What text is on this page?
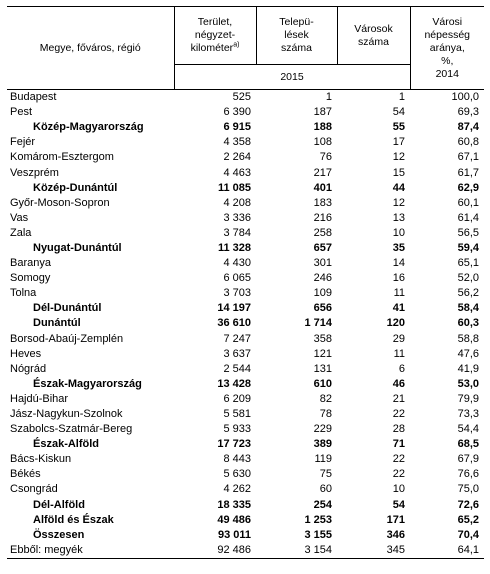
Megye, főváros, régió	Terület,
négyzet-
kilométer$^{a)}$	Telepü-
lések
száma	Városok
száma	Városi
népesség
aránya,
%,
2014
	2015			
Budapest	525	1	1	100,0
Pest	6 390	187	54	69,3
Közép-Magyarország	6 915	188	55	87,4
Fejér	4 358	108	17	60,8
Komárom-Esztergom	2 264	76	12	67,1
Veszprém	4 463	217	15	61,7
Közép-Dunántúl	11 085	401	44	62,9
Győr-Moson-Sopron	4 208	183	12	60,1
Vas	3 336	216	13	61,4
Zala	3 784	258	10	56,5
Nyugat-Dunántúl	11 328	657	35	59,4
Baranya	4 430	301	14	65,1
Somogy	6 065	246	16	52,0
Tolna	3 703	109	11	56,2
Dél-Dunántúl	14 197	656	41	58,4
Dunántúl	36 610	1 714	120	60,3
Borsod-Abaúj-Zemplén	7 247	358	29	58,8
Heves	3 637	121	11	47,6
Nógrád	2 544	131	6	41,9
Észak-Magyarország	13 428	610	46	53,0
Hajdú-Bihar	6 209	82	21	79,9
Jász-Nagykun-Szolnok	5 581	78	22	73,3
Szabolcs-Szatmár-Bereg	5 933	229	28	54,4
Észak-Alföld	17 723	389	71	68,5
Bács-Kiskun	8 443	119	22	67,9
Békés	5 630	75	22	76,6
Csongrád	4 262	60	10	75,0
Dél-Alföld	18 335	254	54	72,6
Alföld és Észak	49 486	1 253	171	65,2
Összesen	93 011	3 155	346	70,4
Ebből: megyék	92 486	3 154	345	64,1
